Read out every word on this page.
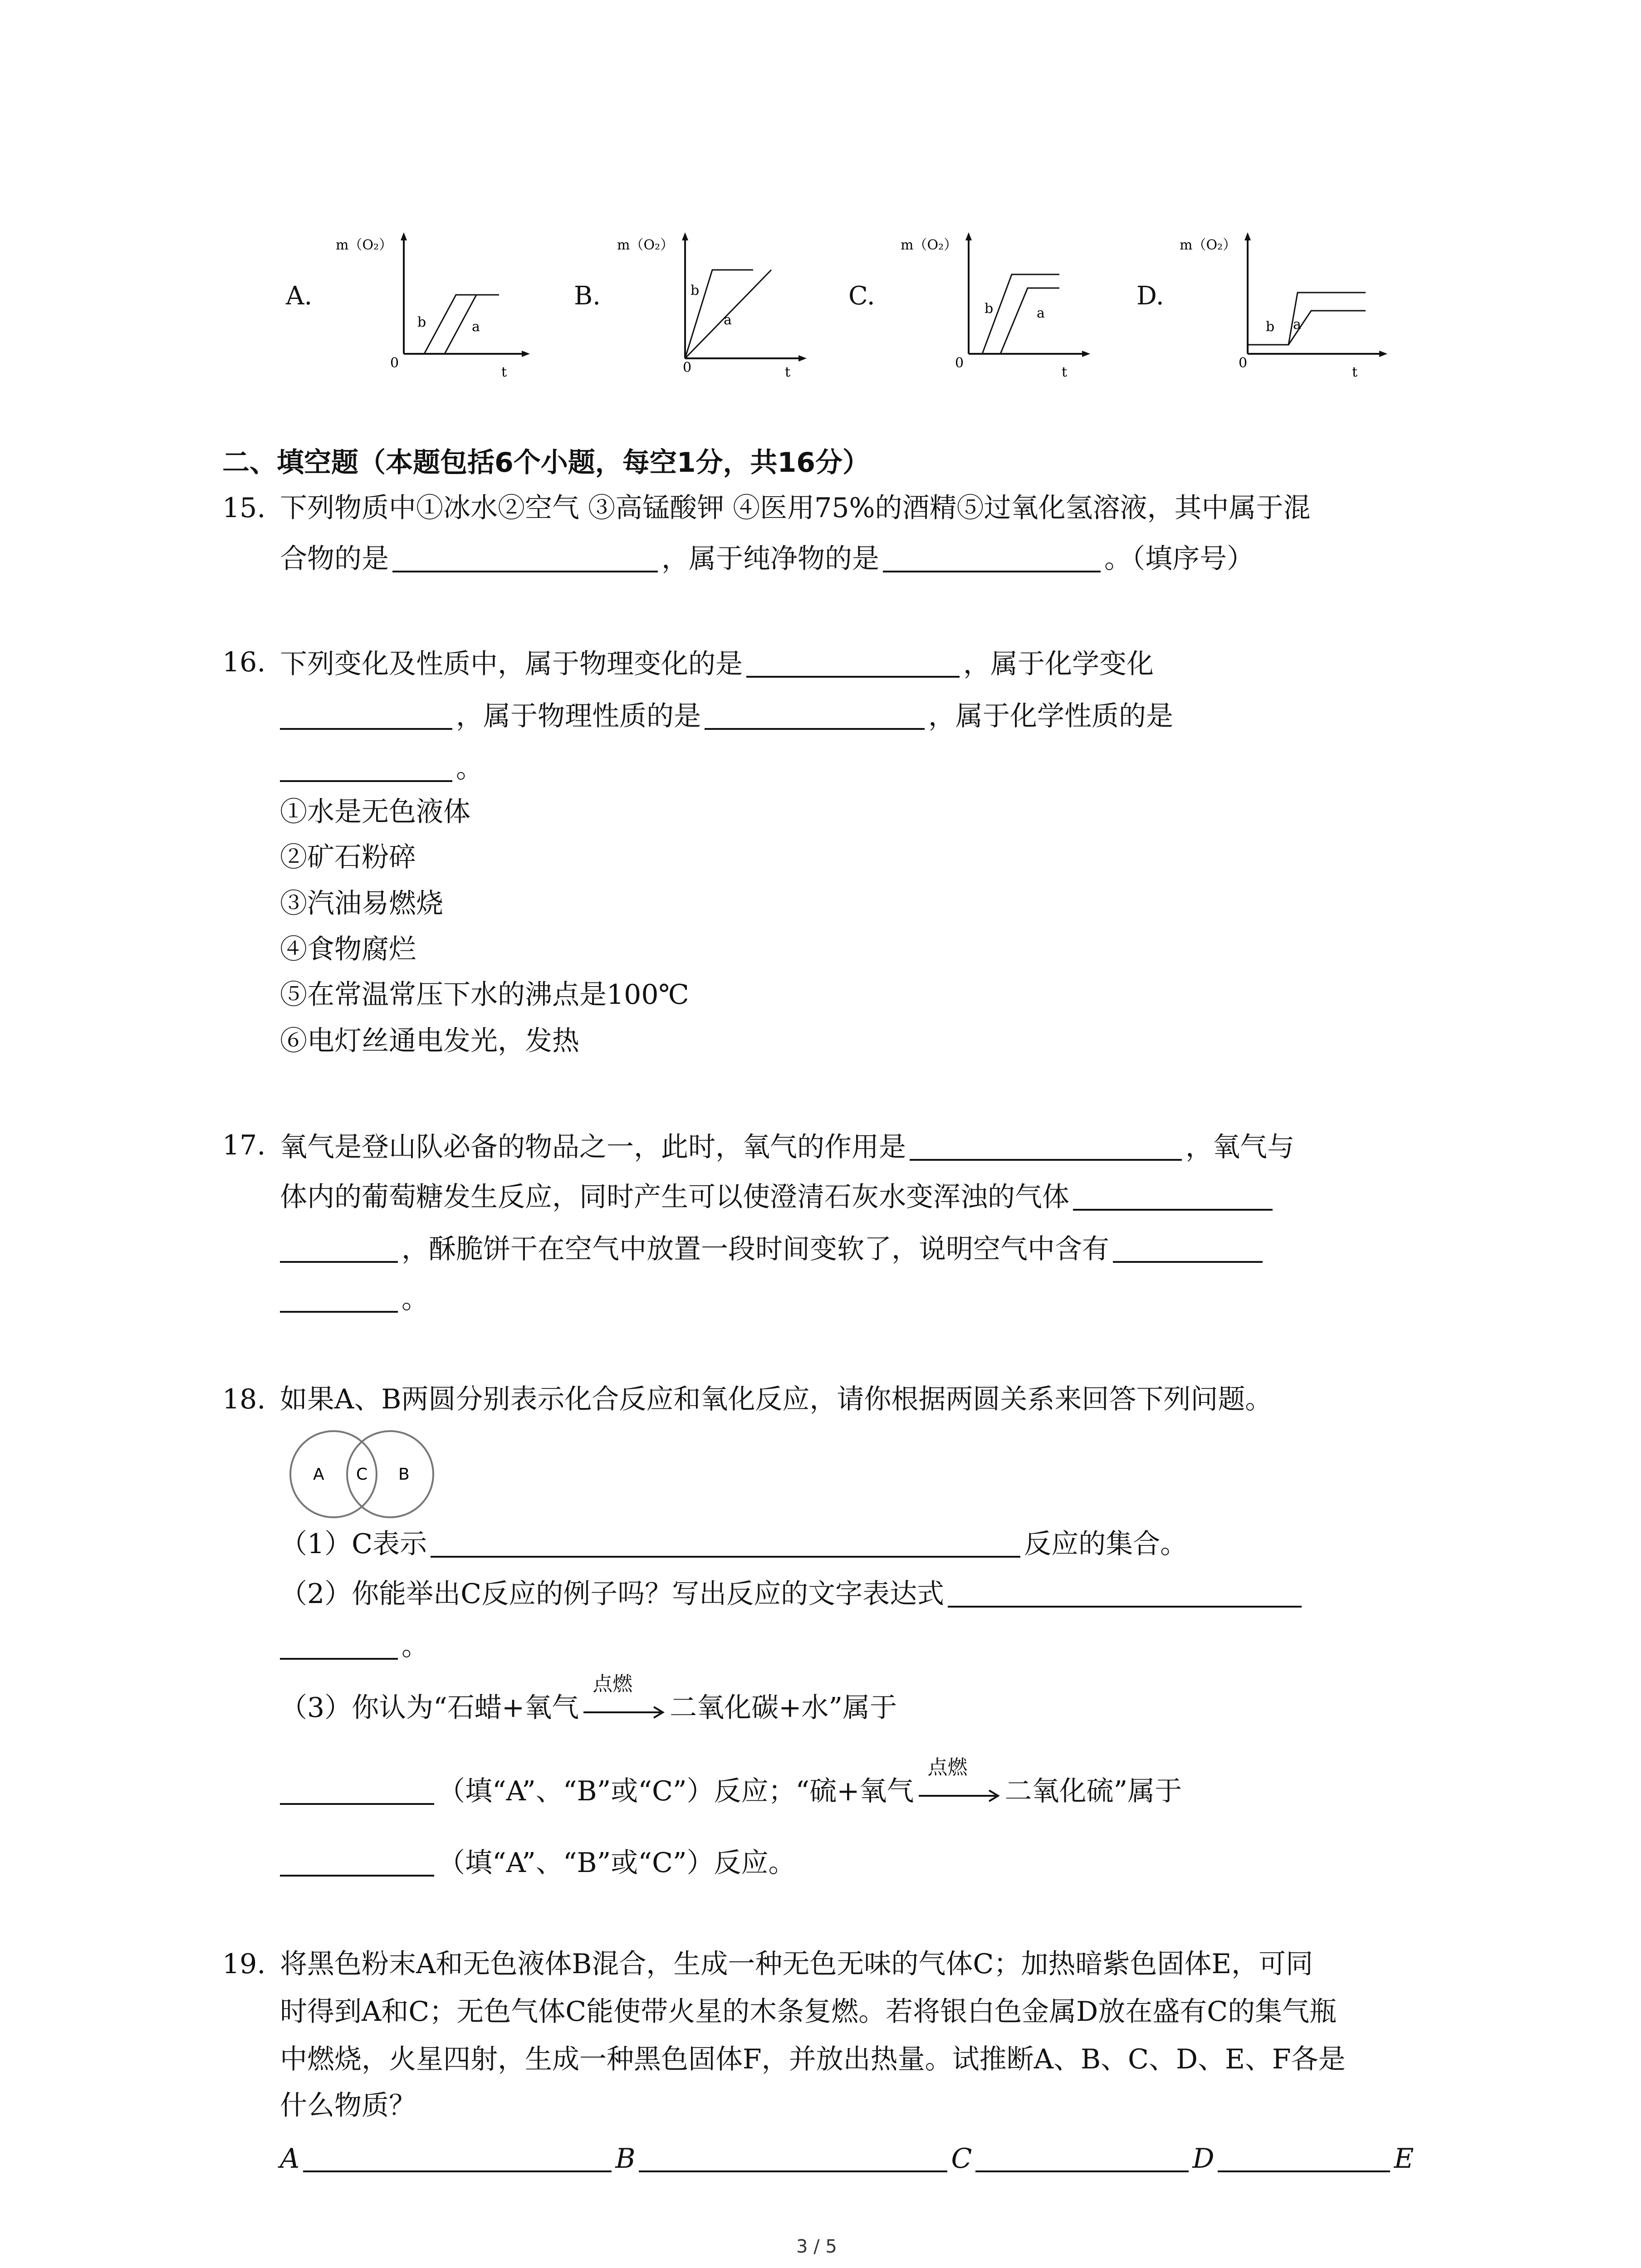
A.
m（O₂）
0
t
b	a
B.
m（O₂）
0	t
b
a
C.
m（O₂）
0
t
b	a
D.
m（O₂）
0
t
b a
二、填空题（本题包括6个小题，每空1分，共16分）
15. 下列物质中①冰水②空气 ③高锰酸钾 ④医用75%的酒精⑤过氧化氢溶液，其中属于混
合物的是	，属于纯净物的是	。（填序号）
16. 下列变化及性质中，属于物理变化的是	，属于化学变化
，属于物理性质的是	，属于化学性质的是
。
①水是无色液体
②矿石粉碎
③汽油易燃烧
④食物腐烂
⑤在常温常压下水的沸点是100℃
⑥电灯丝通电发光，发热
17. 氧气是登山队必备的物品之一，此时，氧气的作用是	，氧气与
体内的葡萄糖发生反应，同时产生可以使澄清石灰水变浑浊的气体
，酥脆饼干在空气中放置一段时间变软了，说明空气中含有
。
18. 如果A、B两圆分别表示化合反应和氧化反应，请你根据两圆关系来回答下列问题。
A C B
（1）C表示	反应的集合。
（2）你能举出C反应的例子吗？写出反应的文字表达式
。
（3）你认为“石蜡+氧气
点燃
二氧化碳+水”属于
（填“A”、“B”或“C”）反应；“硫+氧气
点燃
二氧化硫”属于
（填“A”、“B”或“C”）反应。
19. 将黑色粉末A和无色液体B混合，生成一种无色无味的气体C；加热暗紫色固体E，可同
时得到A和C；无色气体C能使带火星的木条复燃。若将银白色金属D放在盛有C的集气瓶
中燃烧，火星四射，生成一种黑色固体F，并放出热量。试推断A、B、C、D、E、F各是
什么物质？
A	B	C	D	E
3 / 5
